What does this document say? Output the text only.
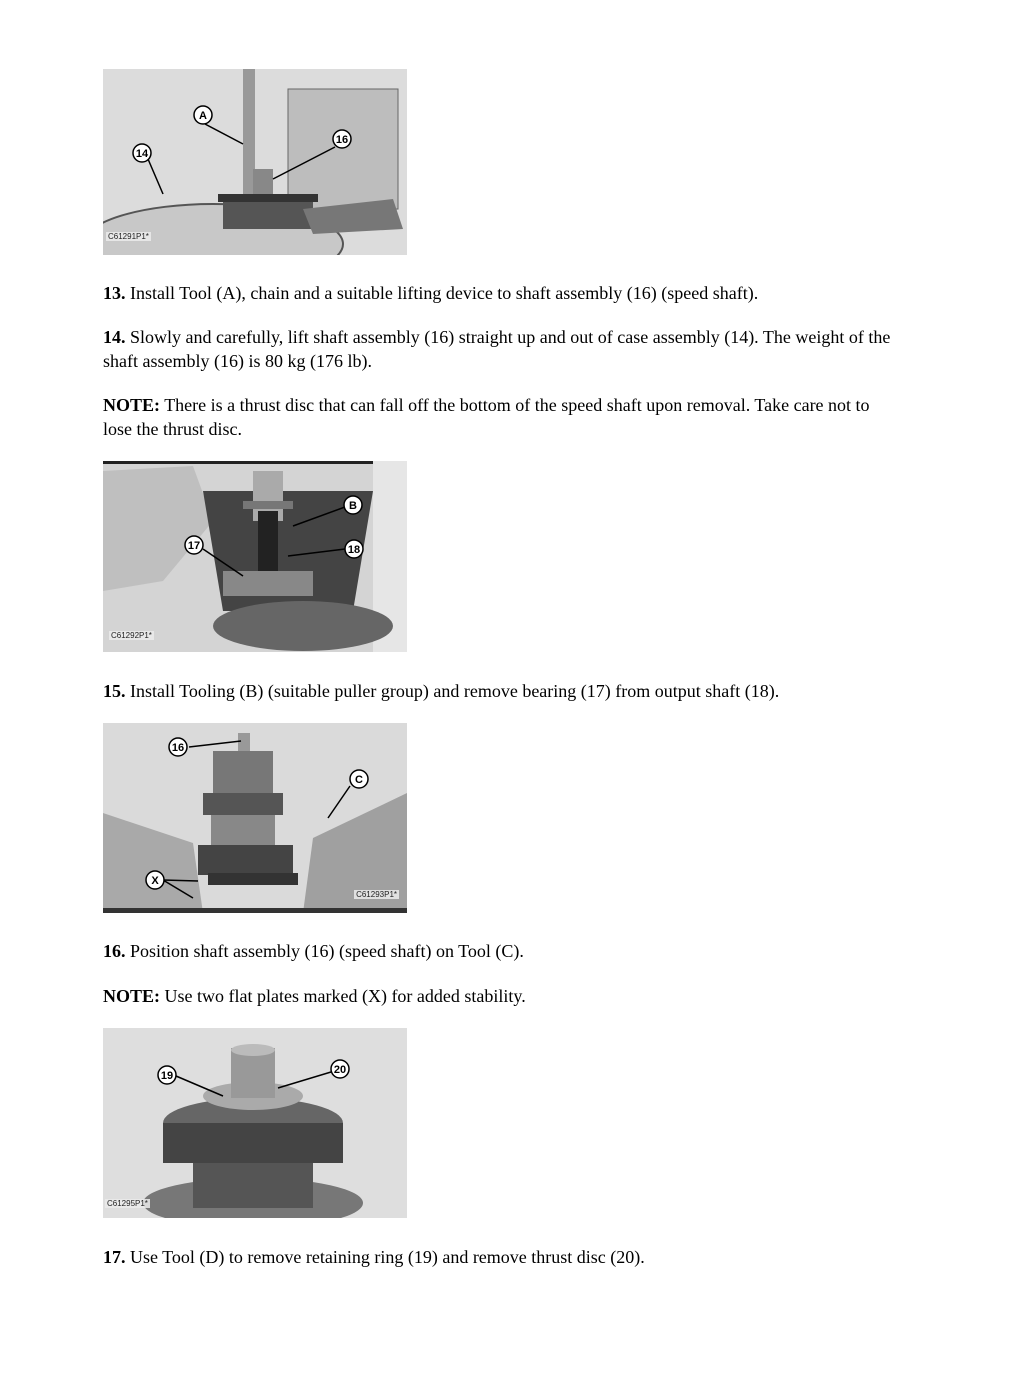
A
14
16
C61291P1*

13. Install Tool (A), chain and a suitable lifting device to shaft assembly (16) (speed shaft).

14. Slowly and carefully, lift shaft assembly (16) straight up and out of case assembly (14). The weight of the shaft assembly (16) is 80 kg (176 lb).

NOTE: There is a thrust disc that can fall off the bottom of the speed shaft upon removal. Take care not to lose the thrust disc.

B
17	18
C61292P1*

15. Install Tooling (B) (suitable puller group) and remove bearing (17) from output shaft (18).

16
C
X
C61293P1*

16. Position shaft assembly (16) (speed shaft) on Tool (C).

NOTE: Use two flat plates marked (X) for added stability.

19	20
C61295P1*

17. Use Tool (D) to remove retaining ring (19) and remove thrust disc (20).
